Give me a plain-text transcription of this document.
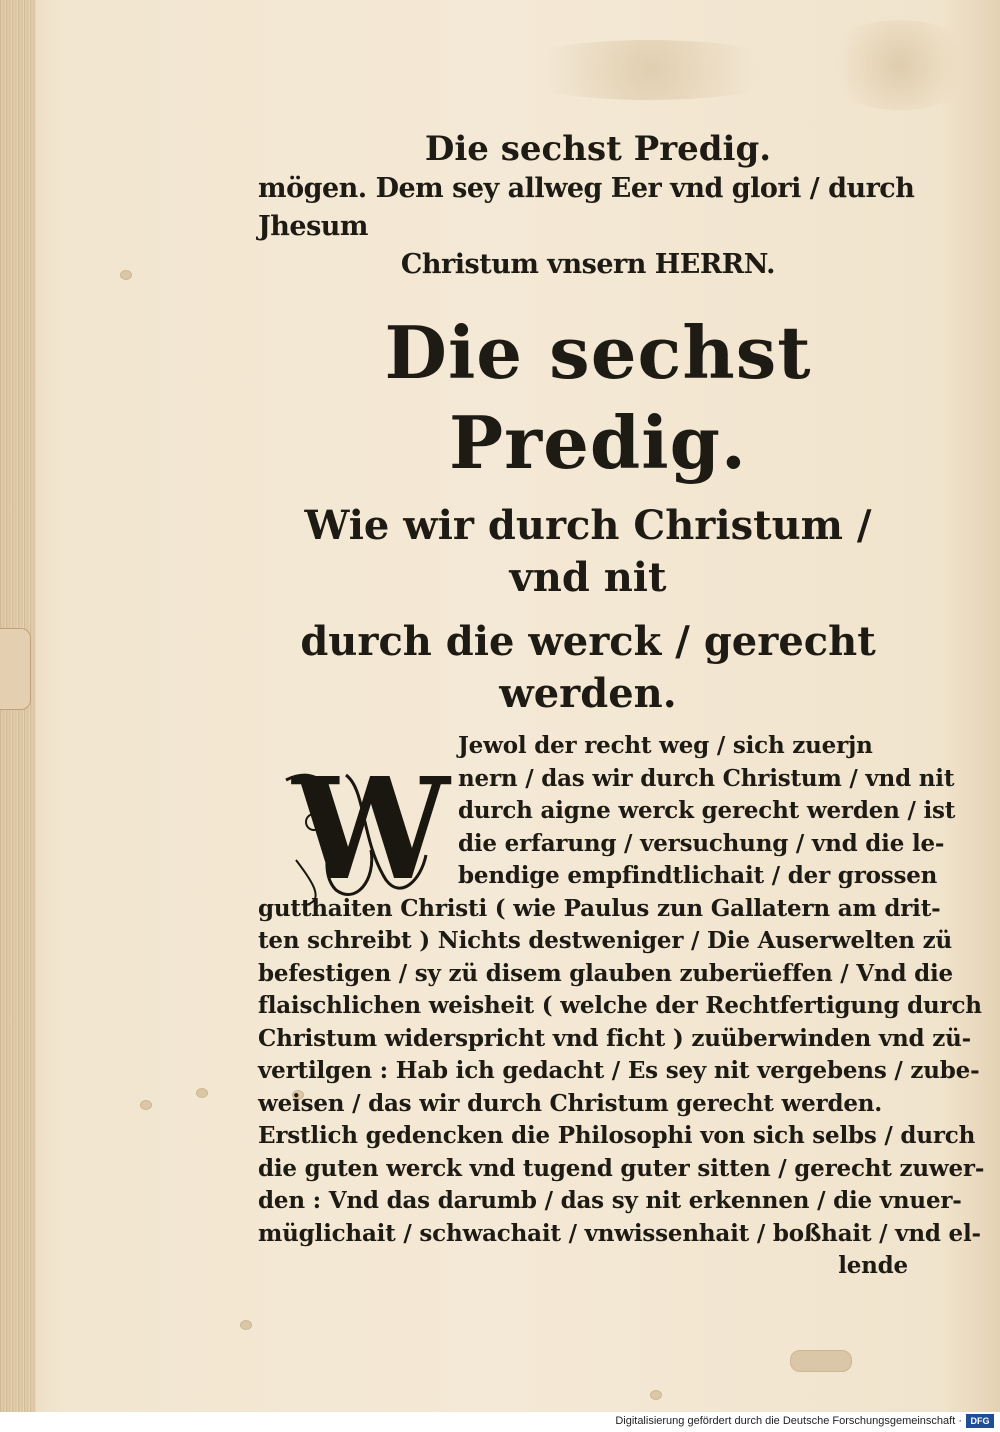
Die sechst Predig.
mögen. Dem sey allweg Eer vnd glori / durch Jhesum
Christum vnsern HERRN.
Die sechst Predig.
Wie wir durch Christum / vnd nit
durch die werck / gerecht werden.
W
Jewol der recht weg / sich zuerjn
nern / das wir durch Christum / vnd nit
durch aigne werck gerecht werden / ist
die erfarung / versuchung / vnd die le-
bendige empfindtlichait / der grossen
gutthaiten Christi ( wie Paulus zun Gallatern am drit-
ten schreibt ) Nichts destweniger / Die Auserwelten zü
befestigen / sy zü disem glauben zuberüeffen / Vnd die
flaischlichen weisheit ( welche der Rechtfertigung durch
Christum widerspricht vnd ficht ) zuüberwinden vnd zü-
vertilgen : Hab ich gedacht / Es sey nit vergebens / zube-
weisen / das wir durch Christum gerecht werden.
Erstlich gedencken die Philosophi von sich selbs / durch
die guten werck vnd tugend guter sitten / gerecht zuwer-
den : Vnd das darumb / das sy nit erkennen / die vnuer-
müglichait / schwachait / vnwissenhait / boßhait / vnd el-
lende
Digitalisierung gefördert durch die Deutsche Forschungsgemeinschaft · DFG
